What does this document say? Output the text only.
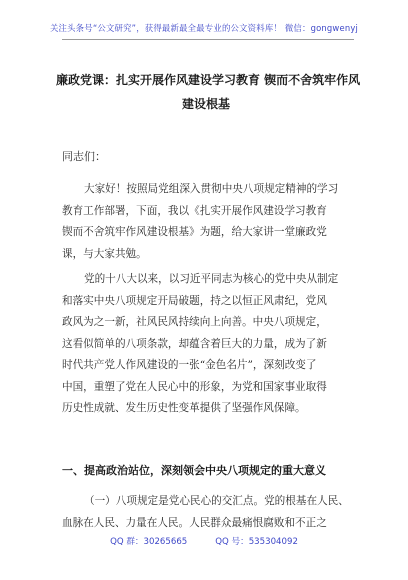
关注头条号“公文研究”，获得最新最全最专业的公文资料库！ 微信：gongwenyj
廉政党课：扎实开展作风建设学习教育 锲而不舍筑牢作风
建设根基
同志们：
大家好！按照局党组深入贯彻中央八项规定精神的学习
教育工作部署，下面，我以《扎实开展作风建设学习教育
锲而不舍筑牢作风建设根基》为题，给大家讲一堂廉政党
课，与大家共勉。
党的十八大以来，以习近平同志为核心的党中央从制定
和落实中央八项规定开局破题，持之以恒正风肃纪，党风
政风为之一新，社风民风持续向上向善。中央八项规定，
这看似简单的八项条款，却蕴含着巨大的力量，成为了新
时代共产党人作风建设的一张“金色名片”，深刻改变了
中国，重塑了党在人民心中的形象，为党和国家事业取得
历史性成就、发生历史性变革提供了坚强作风保障。
一、提高政治站位，深刻领会中央八项规定的重大意义
（一）八项规定是党心民心的交汇点。党的根基在人民、
血脉在人民、力量在人民。人民群众最痛恨腐败和不正之
QQ 群：30265665	QQ 号：535304092
